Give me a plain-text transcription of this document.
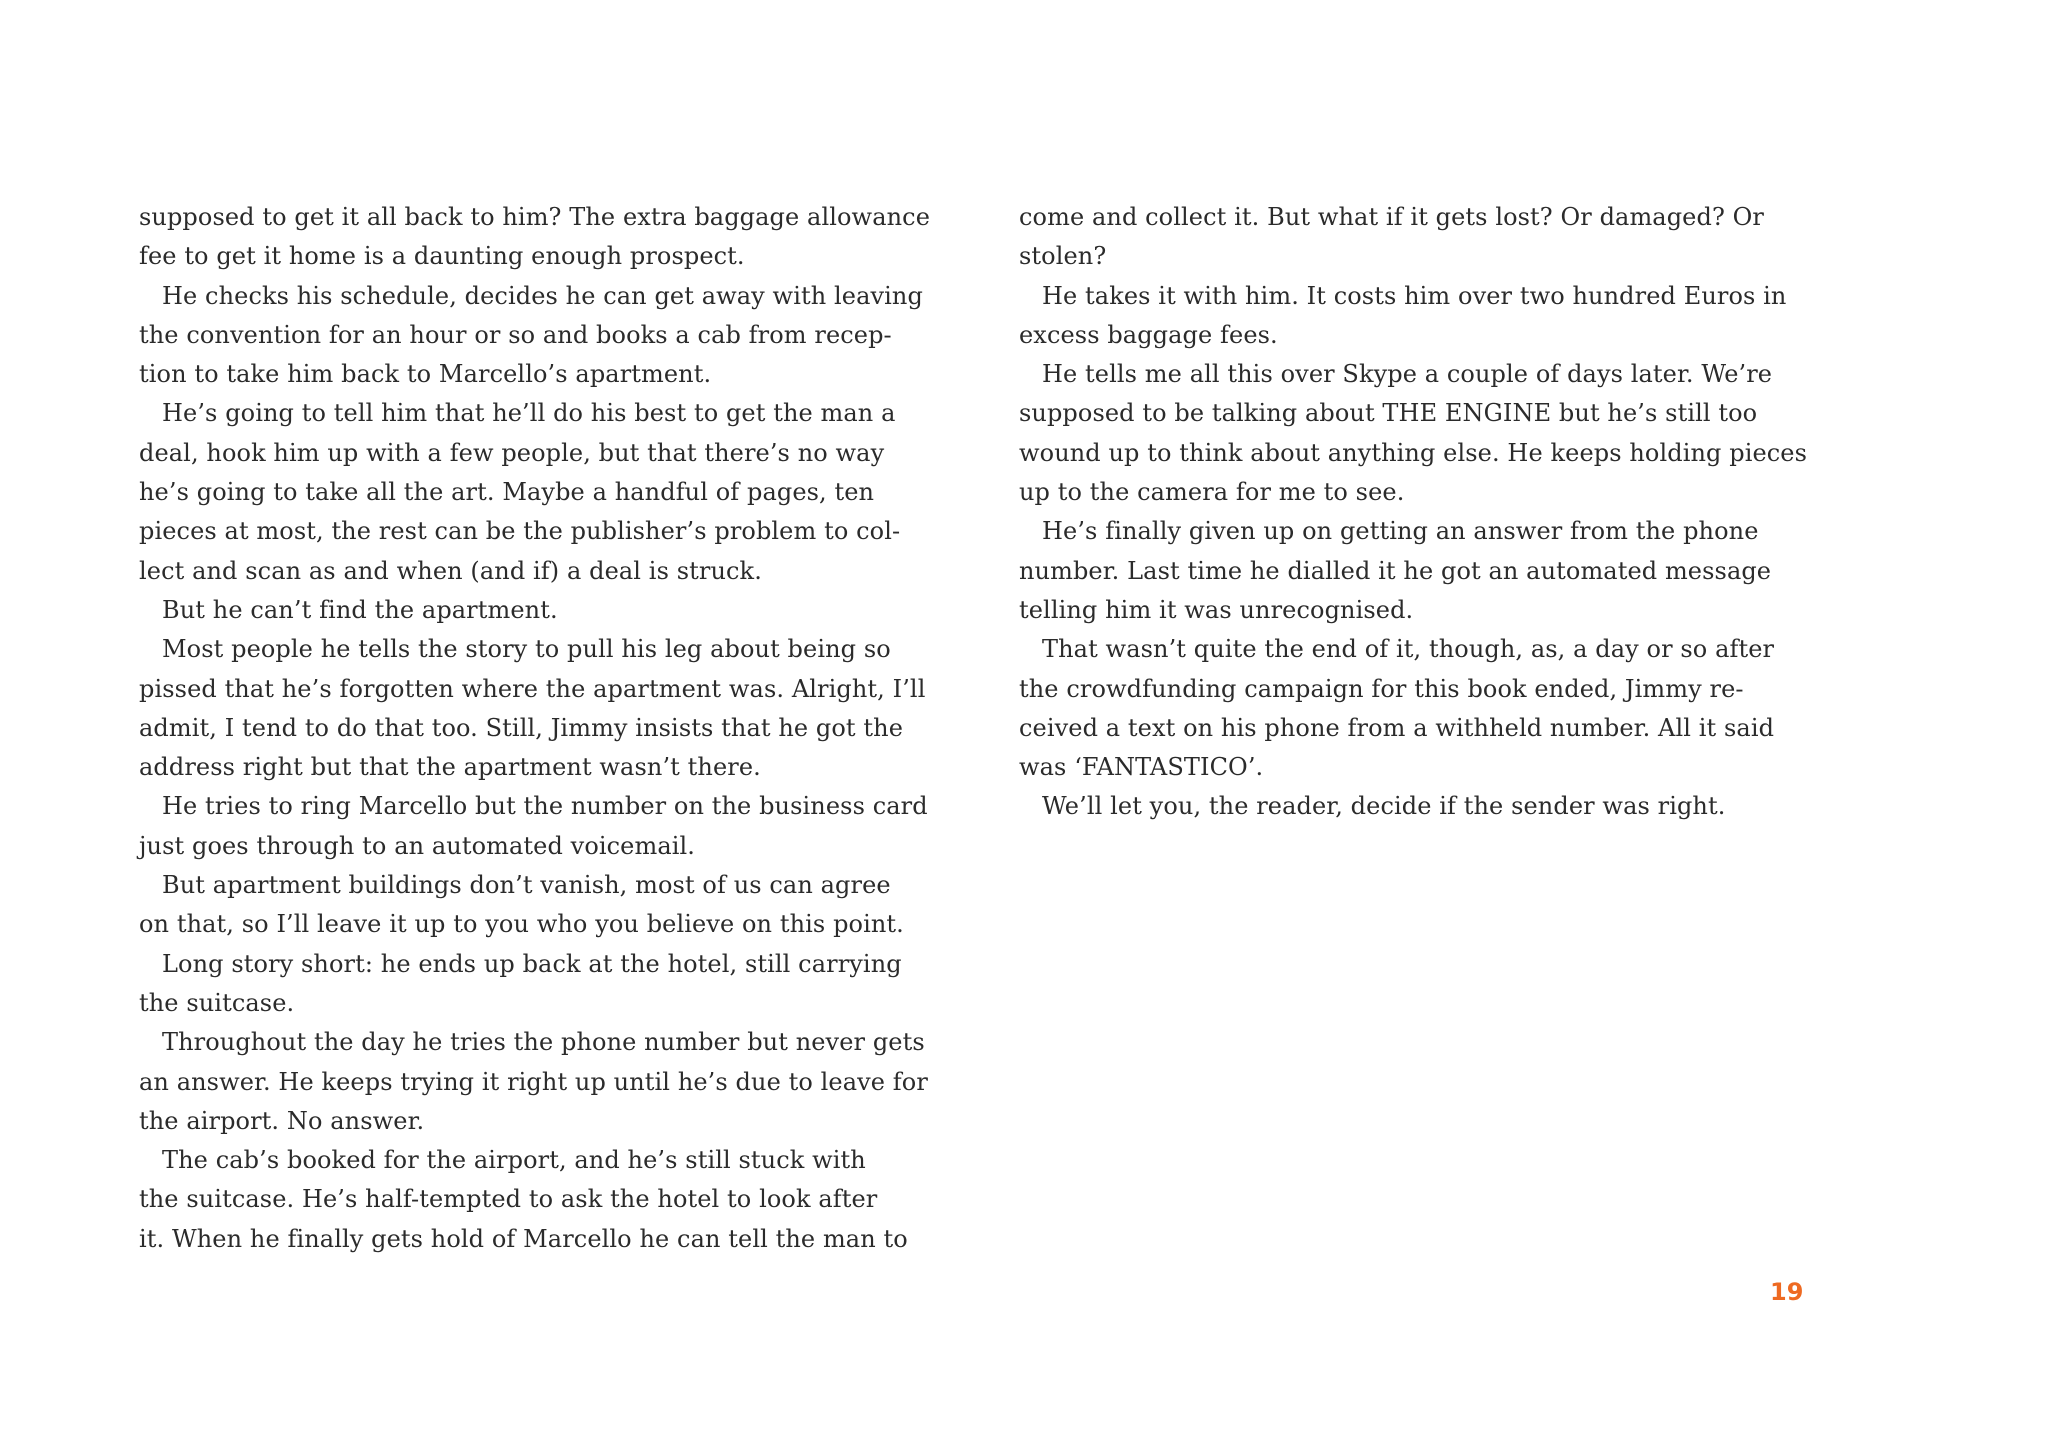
supposed to get it all back to him? The extra baggage allowance
fee to get it home is a daunting enough prospect.
He checks his schedule, decides he can get away with leaving
the convention for an hour or so and books a cab from recep-
tion to take him back to Marcello’s apartment.
He’s going to tell him that he’ll do his best to get the man a
deal, hook him up with a few people, but that there’s no way
he’s going to take all the art. Maybe a handful of pages, ten
pieces at most, the rest can be the publisher’s problem to col-
lect and scan as and when (and if) a deal is struck.
But he can’t find the apartment.
Most people he tells the story to pull his leg about being so
pissed that he’s forgotten where the apartment was. Alright, I’ll
admit, I tend to do that too. Still, Jimmy insists that he got the
address right but that the apartment wasn’t there.
He tries to ring Marcello but the number on the business card
just goes through to an automated voicemail.
But apartment buildings don’t vanish, most of us can agree
on that, so I’ll leave it up to you who you believe on this point.
Long story short: he ends up back at the hotel, still carrying
the suitcase.
Throughout the day he tries the phone number but never gets
an answer. He keeps trying it right up until he’s due to leave for
the airport. No answer.
The cab’s booked for the airport, and he’s still stuck with
the suitcase. He’s half-tempted to ask the hotel to look after
it. When he finally gets hold of Marcello he can tell the man to
come and collect it. But what if it gets lost? Or damaged? Or
stolen?
He takes it with him. It costs him over two hundred Euros in
excess baggage fees.
He tells me all this over Skype a couple of days later. We’re
supposed to be talking about THE ENGINE but he’s still too
wound up to think about anything else. He keeps holding pieces
up to the camera for me to see.
He’s finally given up on getting an answer from the phone
number. Last time he dialled it he got an automated message
telling him it was unrecognised.
That wasn’t quite the end of it, though, as, a day or so after
the crowdfunding campaign for this book ended, Jimmy re-
ceived a text on his phone from a withheld number. All it said
was ‘FANTASTICO’.
We’ll let you, the reader, decide if the sender was right.
19
